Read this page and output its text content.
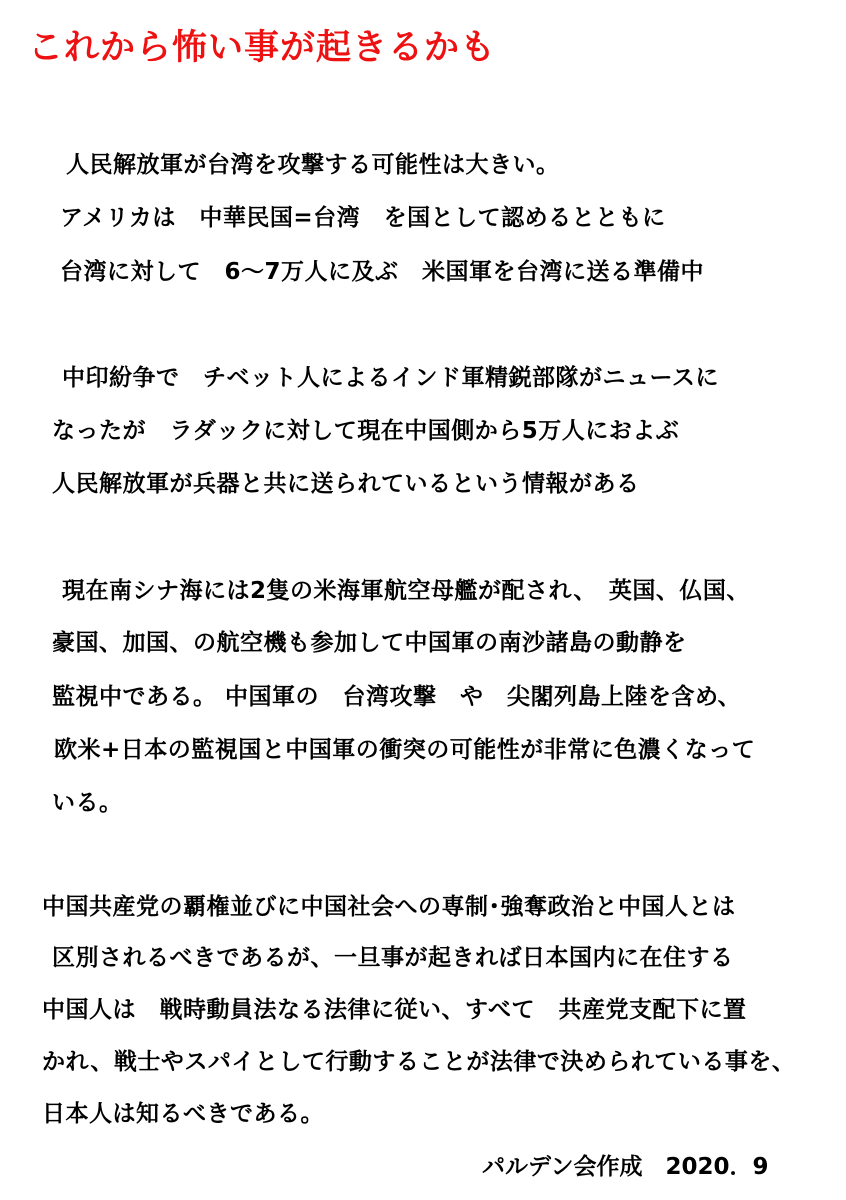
これから怖い事が起きるかも
人民解放軍が台湾を攻撃する可能性は大きい。
アメリカは　中華民国=台湾　を国として認めるとともに
台湾に対して　6～7万人に及ぶ　米国軍を台湾に送る準備中
中印紛争で　チベット人によるインド軍精鋭部隊がニュースに
なったが　ラダックに対して現在中国側から5万人におよぶ
人民解放軍が兵器と共に送られているという情報がある
現在南シナ海には2隻の米海軍航空母艦が配され、　英国、仏国、
豪国、加国、の航空機も参加して中国軍の南沙諸島の動静を
監視中である。 中国軍の　台湾攻撃　や　尖閣列島上陸を含め、
欧米+日本の監視国と中国軍の衝突の可能性が非常に色濃くなって
いる。
中国共産党の覇権並びに中国社会への専制･強奪政治と中国人とは
区別されるべきであるが、一旦事が起きれば日本国内に在住する
中国人は　戦時動員法なる法律に従い、すべて　共産党支配下に置
かれ、戦士やスパイとして行動することが法律で決められている事を、
日本人は知るべきである。
パルデン会作成　2020．9
